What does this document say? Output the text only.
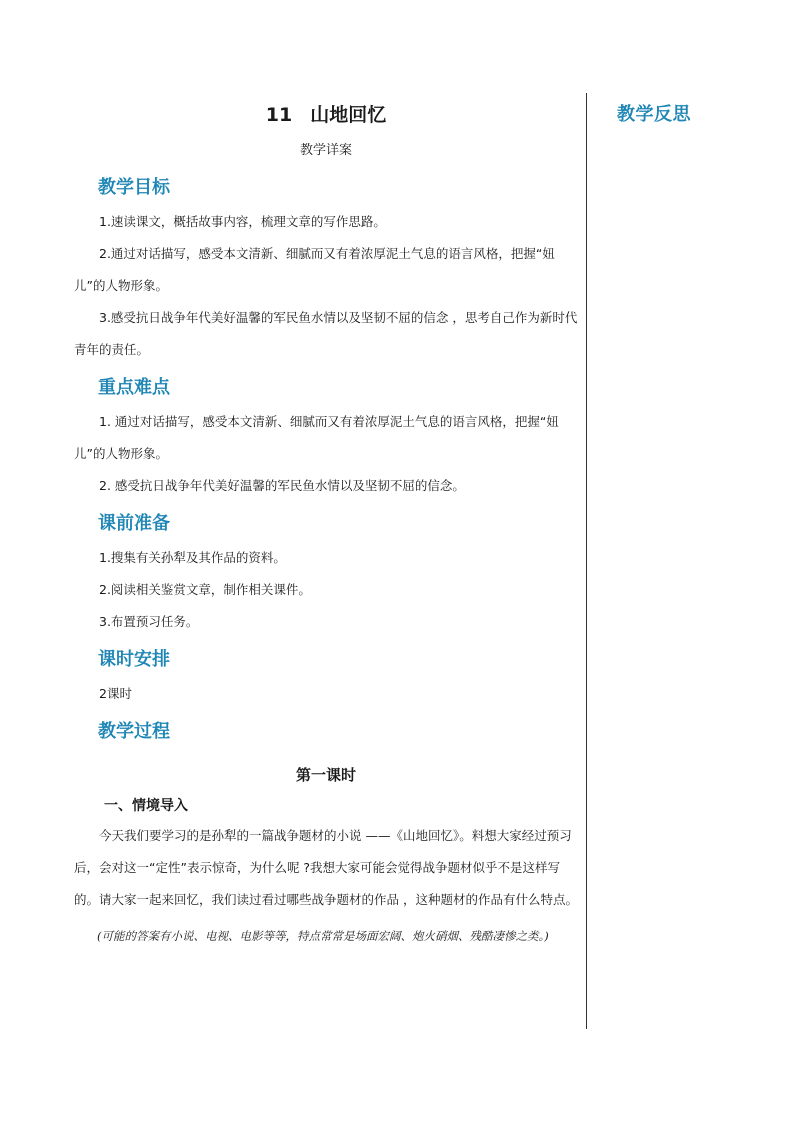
教学反思
11 山地回忆
教学详案
教学目标

1.速读课文，概括故事内容，梳理文章的写作思路。

2.通过对话描写，感受本文清新、细腻而又有着浓厚泥土气息的语言风格，把握“妞儿”的人物形象。

3.感受抗日战争年代美好温馨的军民鱼水情以及坚韧不屈的信念 ，思考自己作为新时代青年的责任。

重点难点

1. 通过对话描写，感受本文清新、细腻而又有着浓厚泥土气息的语言风格，把握“妞儿”的人物形象。

2. 感受抗日战争年代美好温馨的军民鱼水情以及坚韧不屈的信念。

课前准备

1.搜集有关孙犁及其作品的资料。

2.阅读相关鉴赏文章，制作相关课件。

3.布置预习任务。

课时安排

2课时

教学过程
第一课时
一、情境导入

今天我们要学习的是孙犁的一篇战争题材的小说 ——《山地回忆》。料想大家经过预习后，会对这一“定性”表示惊奇，为什么呢 ?我想大家可能会觉得战争题材似乎不是这样写的。请大家一起来回忆，我们读过看过哪些战争题材的作品 ，这种题材的作品有什么特点。

(可能的答案有小说、电视、电影等等，特点常常是场面宏阔、炮火硝烟、残酷凄惨之类。)
